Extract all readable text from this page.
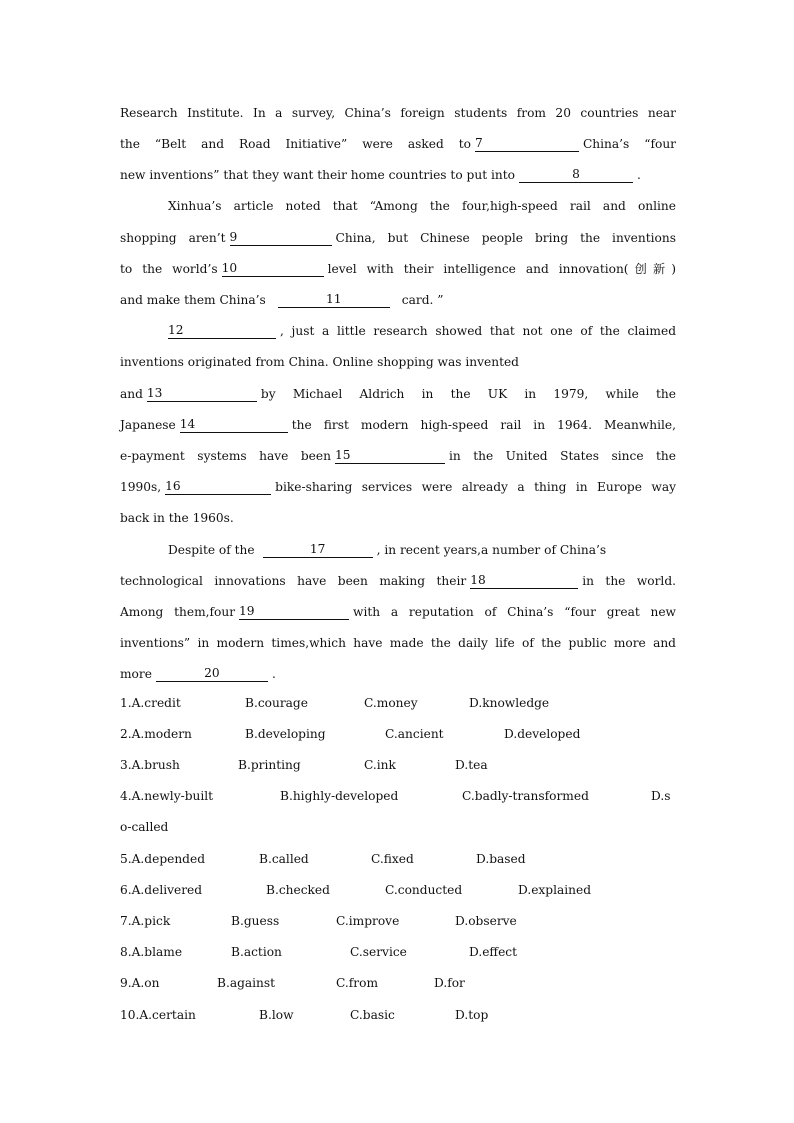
Research Institute. In a survey, China’s foreign students from 20 countries near
the “Belt and Road Initiative” were asked to 7	China’s “four
new inventions” that they want their home countries to put into	8	.
Xinhua’s article noted that “Among the four,high-speed rail and online
shopping aren’t 9	China, but Chinese people bring the inventions
to the world’s 10	level with their intelligence and innovation(创新)
and make them China’s	11	card. ”
12	, just a little research showed that not one of the claimed
inventions originated from China. Online shopping was invented
and 13	by Michael Aldrich in the UK in 1979, while the
Japanese 14	the first modern high-speed rail in 1964. Meanwhile,
e-payment systems have been 15	in the United States since the
1990s, 16	bike-sharing services were already a thing in Europe way
back in the 1960s.
Despite of the	17	, in recent years,a number of China’s
technological innovations have been making their 18	in the world.
Among them,four 19	with a reputation of China’s “four great new
inventions” in modern times,which have made the daily life of the public more and
more	20	.
1.A.credit	B.courage	C.money	D.knowledge
2.A.modern	B.developing	C.ancient	D.developed
3.A.brush	B.printing	C.ink	D.tea
4.A.newly-built	B.highly-developed	C.badly-transformed	D.s
o-called
5.A.depended	B.called	C.fixed	D.based
6.A.delivered	B.checked	C.conducted	D.explained
7.A.pick	B.guess	C.improve	D.observe
8.A.blame	B.action	C.service	D.effect
9.A.on	B.against	C.from	D.for
10.A.certain	B.low	C.basic	D.top
